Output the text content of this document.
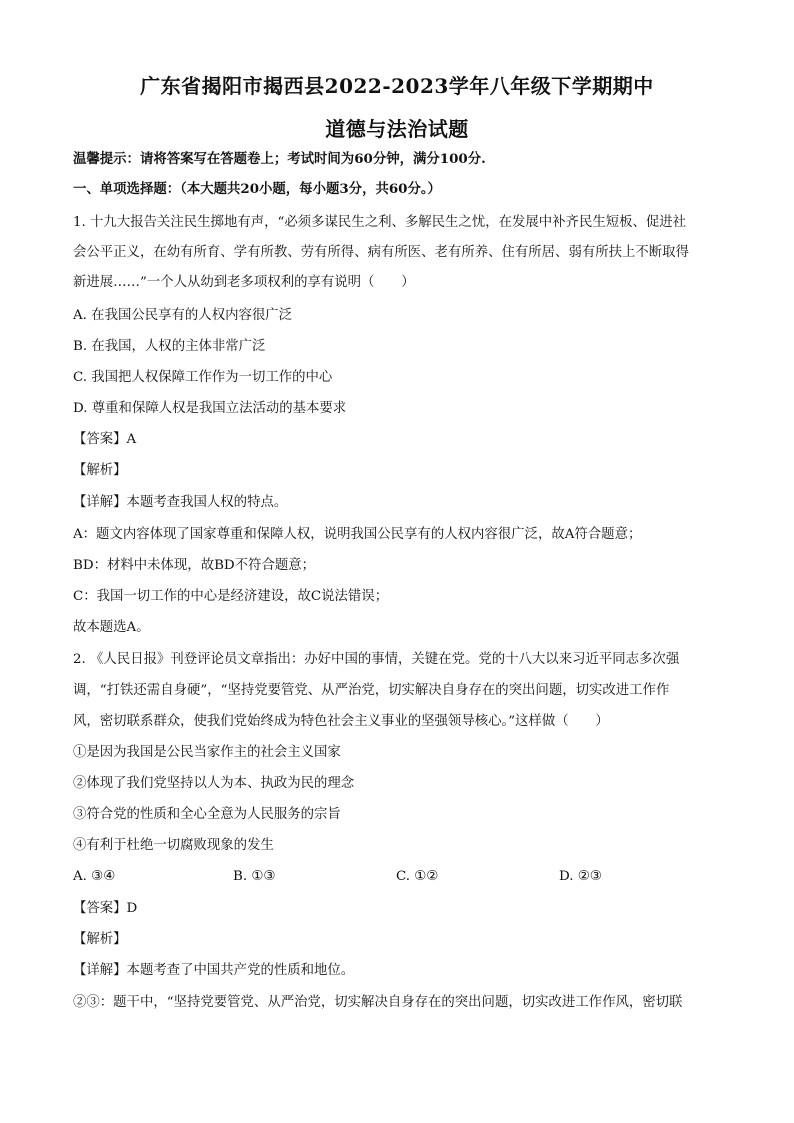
广东省揭阳市揭西县2022-2023学年八年级下学期期中
道德与法治试题
温馨提示：请将答案写在答题卷上；考试时间为60分钟，满分100分.
一、单项选择题：（本大题共20小题，每小题3分，共60分。）
1. 十九大报告关注民生掷地有声，“必须多谋民生之利、多解民生之忧，在发展中补齐民生短板、促进社
会公平正义，在幼有所育、学有所教、劳有所得、病有所医、老有所养、住有所居、弱有所扶上不断取得
新进展……”一个人从幼到老多项权利的享有说明（　　）
A. 在我国公民享有的人权内容很广泛
B. 在我国，人权的主体非常广泛
C. 我国把人权保障工作作为一切工作的中心
D. 尊重和保障人权是我国立法活动的基本要求
【答案】A
【解析】
【详解】本题考查我国人权的特点。
A：题文内容体现了国家尊重和保障人权，说明我国公民享有的人权内容很广泛，故A符合题意；
BD：材料中未体现，故BD不符合题意；
C：我国一切工作的中心是经济建设，故C说法错误；
故本题选A。
2. 《人民日报》刊登评论员文章指出：办好中国的事情，关键在党。党的十八大以来习近平同志多次强
调，“打铁还需自身硬”，“坚持党要管党、从严治党，切实解决自身存在的突出问题，切实改进工作作
风，密切联系群众，使我们党始终成为特色社会主义事业的坚强领导核心。”这样做（　　）
①是因为我国是公民当家作主的社会主义国家
②体现了我们党坚持以人为本、执政为民的理念
③符合党的性质和全心全意为人民服务的宗旨
④有利于杜绝一切腐败现象的发生
A. ③④	B. ①③	C. ①②	D. ②③
【答案】D
【解析】
【详解】本题考查了中国共产党的性质和地位。
②③：题干中，“坚持党要管党、从严治党，切实解决自身存在的突出问题，切实改进工作作风，密切联
